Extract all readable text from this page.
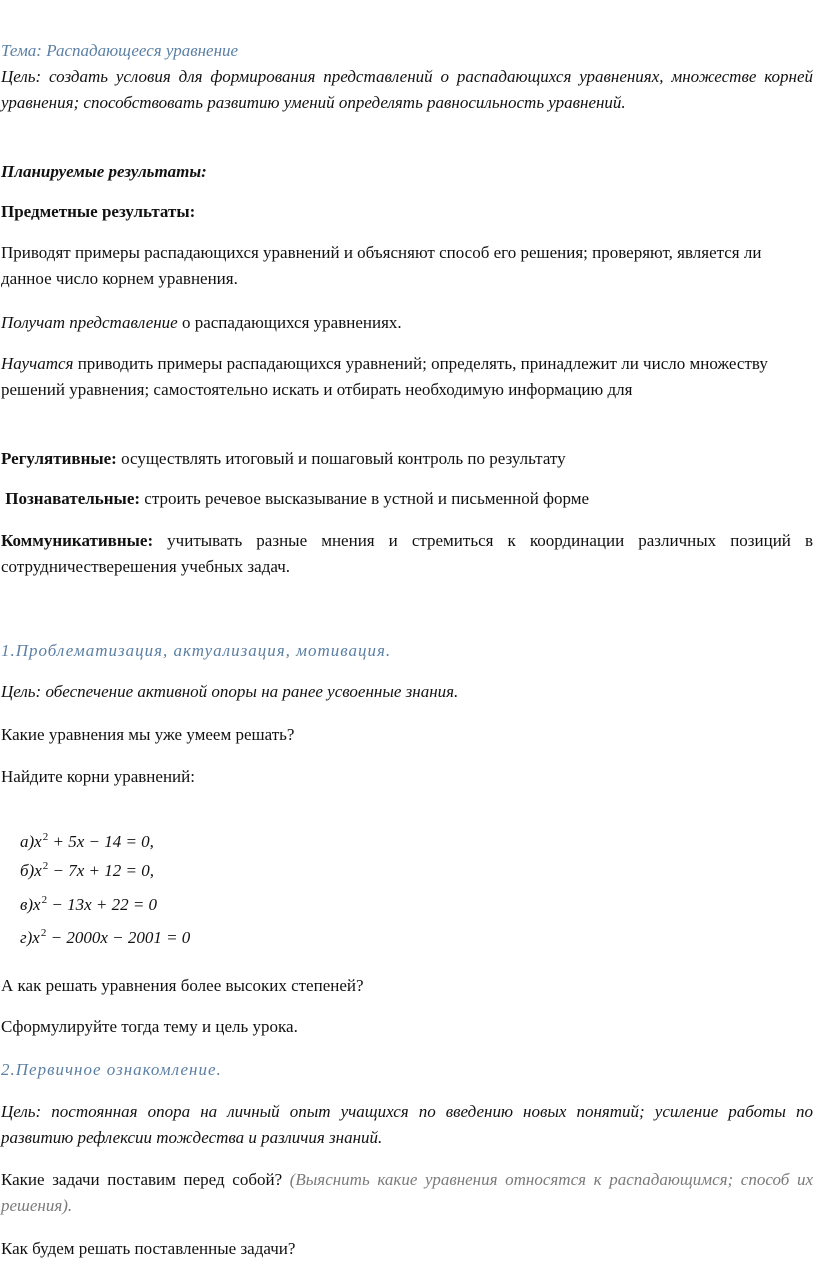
Тема: Распадающееся уравнение

Цель: создать условия для формирования представлений о распадающихся уравнениях, множестве корней уравнения; способствовать развитию умений определять равносильность уравнений.

Планируемые результаты:

Предметные результаты:

Приводят примеры распадающихся уравнений и объясняют способ его решения; проверяют, является ли данное число корнем уравнения.

Получат представление о распадающихся уравнениях.

Научатся приводить примеры распадающихся уравнений; определять, принадлежит ли число множеству решений уравнения; самостоятельно искать и отбирать необходимую информацию для

Регулятивные: осуществлять итоговый и пошаговый контроль по результату

Познавательные: строить речевое высказывание в устной и письменной форме

Коммуникативные: учитывать разные мнения и стремиться к координации различных позиций в сотрудничестверешения учебных задач.

1.Проблематизация, актуализация, мотивация.

Цель: обеспечение активной опоры на ранее усвоенные знания.

Какие уравнения мы уже умеем решать?

Найдите корни уравнений:

$а)x^2 + 5x - 14 = 0$,
$б)x^2 - 7x + 12 = 0$,
$в)x^2 - 13x + 22 = 0$
$г)x^2 - 2000x - 2001 = 0$

А как решать уравнения более высоких степеней?

Сформулируйте тогда тему и цель урока.

2.Первичное ознакомление.

Цель: постоянная опора на личный опыт учащихся по введению новых понятий; усиление работы по развитию рефлексии тождества и различия знаний.

Какие задачи поставим перед собой? (Выяснить какие уравнения относятся к распадающимся; способ их решения).

Как будем решать поставленные задачи?
